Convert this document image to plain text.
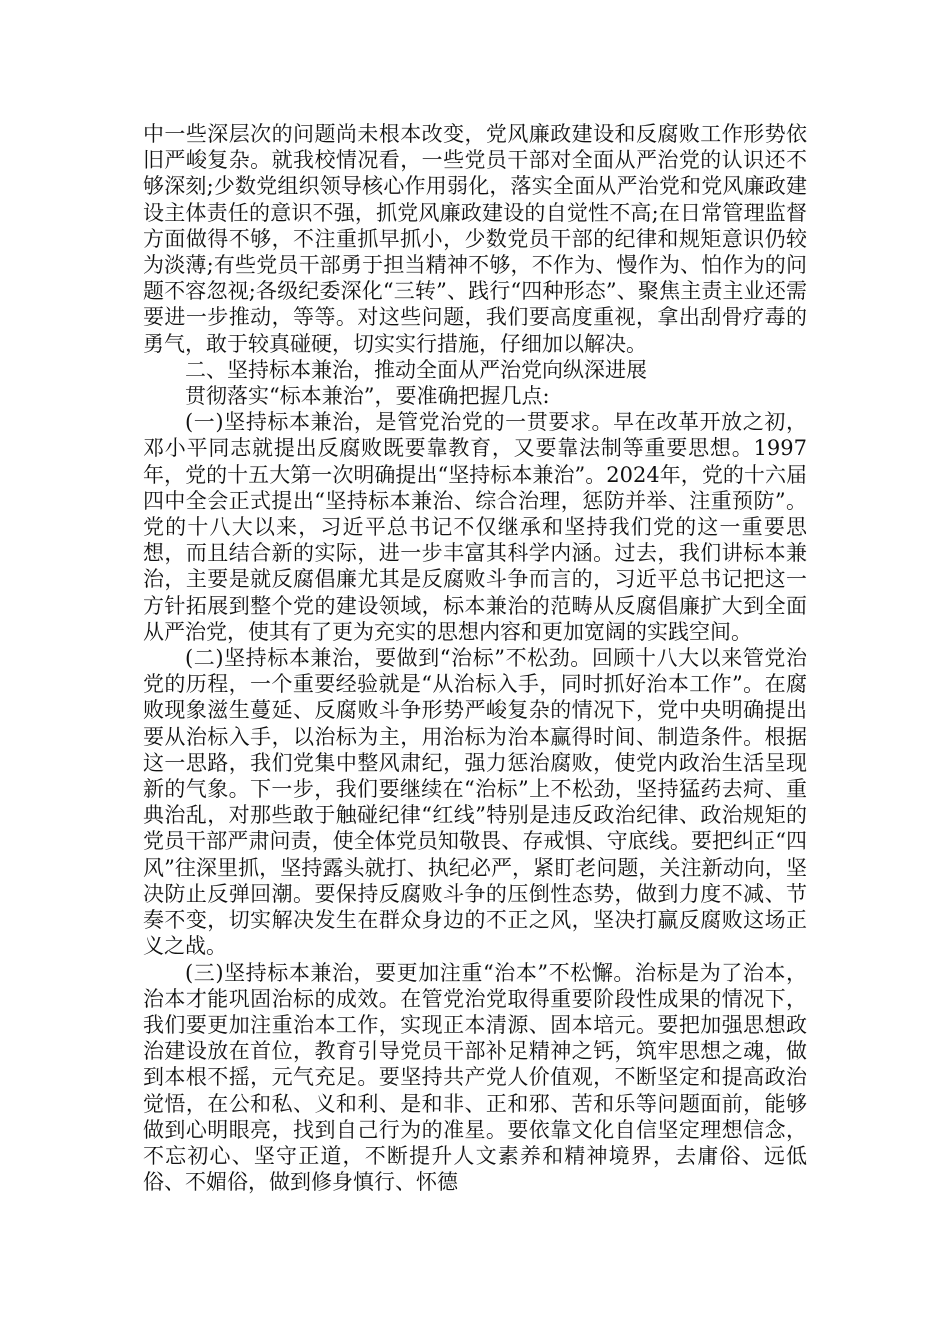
中一些深层次的问题尚未根本改变，党风廉政建设和反腐败工作形势依旧严峻复杂。就我校情况看，一些党员干部对全面从严治党的认识还不够深刻;少数党组织领导核心作用弱化，落实全面从严治党和党风廉政建设主体责任的意识不强，抓党风廉政建设的自觉性不高;在日常管理监督方面做得不够，不注重抓早抓小，少数党员干部的纪律和规矩意识仍较为淡薄;有些党员干部勇于担当精神不够，不作为、慢作为、怕作为的问题不容忽视;各级纪委深化“三转”、践行“四种形态”、聚焦主责主业还需要进一步推动，等等。对这些问题，我们要高度重视，拿出刮骨疗毒的勇气，敢于较真碰硬，切实实行措施，仔细加以解决。

二、坚持标本兼治，推动全面从严治党向纵深进展

贯彻落实“标本兼治”，要准确把握几点:

(一)坚持标本兼治，是管党治党的一贯要求。早在改革开放之初，邓小平同志就提出反腐败既要靠教育，又要靠法制等重要思想。1997年，党的十五大第一次明确提出“坚持标本兼治”。2024年，党的十六届四中全会正式提出“坚持标本兼治、综合治理，惩防并举、注重预防”。党的十八大以来，习近平总书记不仅继承和坚持我们党的这一重要思想，而且结合新的实际，进一步丰富其科学内涵。过去，我们讲标本兼治，主要是就反腐倡廉尤其是反腐败斗争而言的，习近平总书记把这一方针拓展到整个党的建设领域，标本兼治的范畴从反腐倡廉扩大到全面从严治党，使其有了更为充实的思想内容和更加宽阔的实践空间。

(二)坚持标本兼治，要做到“治标”不松劲。回顾十八大以来管党治党的历程，一个重要经验就是“从治标入手，同时抓好治本工作”。在腐败现象滋生蔓延、反腐败斗争形势严峻复杂的情况下，党中央明确提出要从治标入手，以治标为主，用治标为治本赢得时间、制造条件。根据这一思路，我们党集中整风肃纪，强力惩治腐败，使党内政治生活呈现新的气象。下一步，我们要继续在“治标”上不松劲，坚持猛药去疴、重典治乱，对那些敢于触碰纪律“红线”特别是违反政治纪律、政治规矩的党员干部严肃问责，使全体党员知敬畏、存戒惧、守底线。要把纠正“四风”往深里抓，坚持露头就打、执纪必严，紧盯老问题，关注新动向，坚决防止反弹回潮。要保持反腐败斗争的压倒性态势，做到力度不减、节奏不变，切实解决发生在群众身边的不正之风，坚决打赢反腐败这场正义之战。

(三)坚持标本兼治，要更加注重“治本”不松懈。治标是为了治本，治本才能巩固治标的成效。在管党治党取得重要阶段性成果的情况下，我们要更加注重治本工作，实现正本清源、固本培元。要把加强思想政治建设放在首位，教育引导党员干部补足精神之钙，筑牢思想之魂，做到本根不摇，元气充足。要坚持共产党人价值观，不断坚定和提高政治觉悟，在公和私、义和利、是和非、正和邪、苦和乐等问题面前，能够做到心明眼亮，找到自己行为的准星。要依靠文化自信坚定理想信念，不忘初心、坚守正道，不断提升人文素养和精神境界，去庸俗、远低俗、不媚俗，做到修身慎行、怀德
